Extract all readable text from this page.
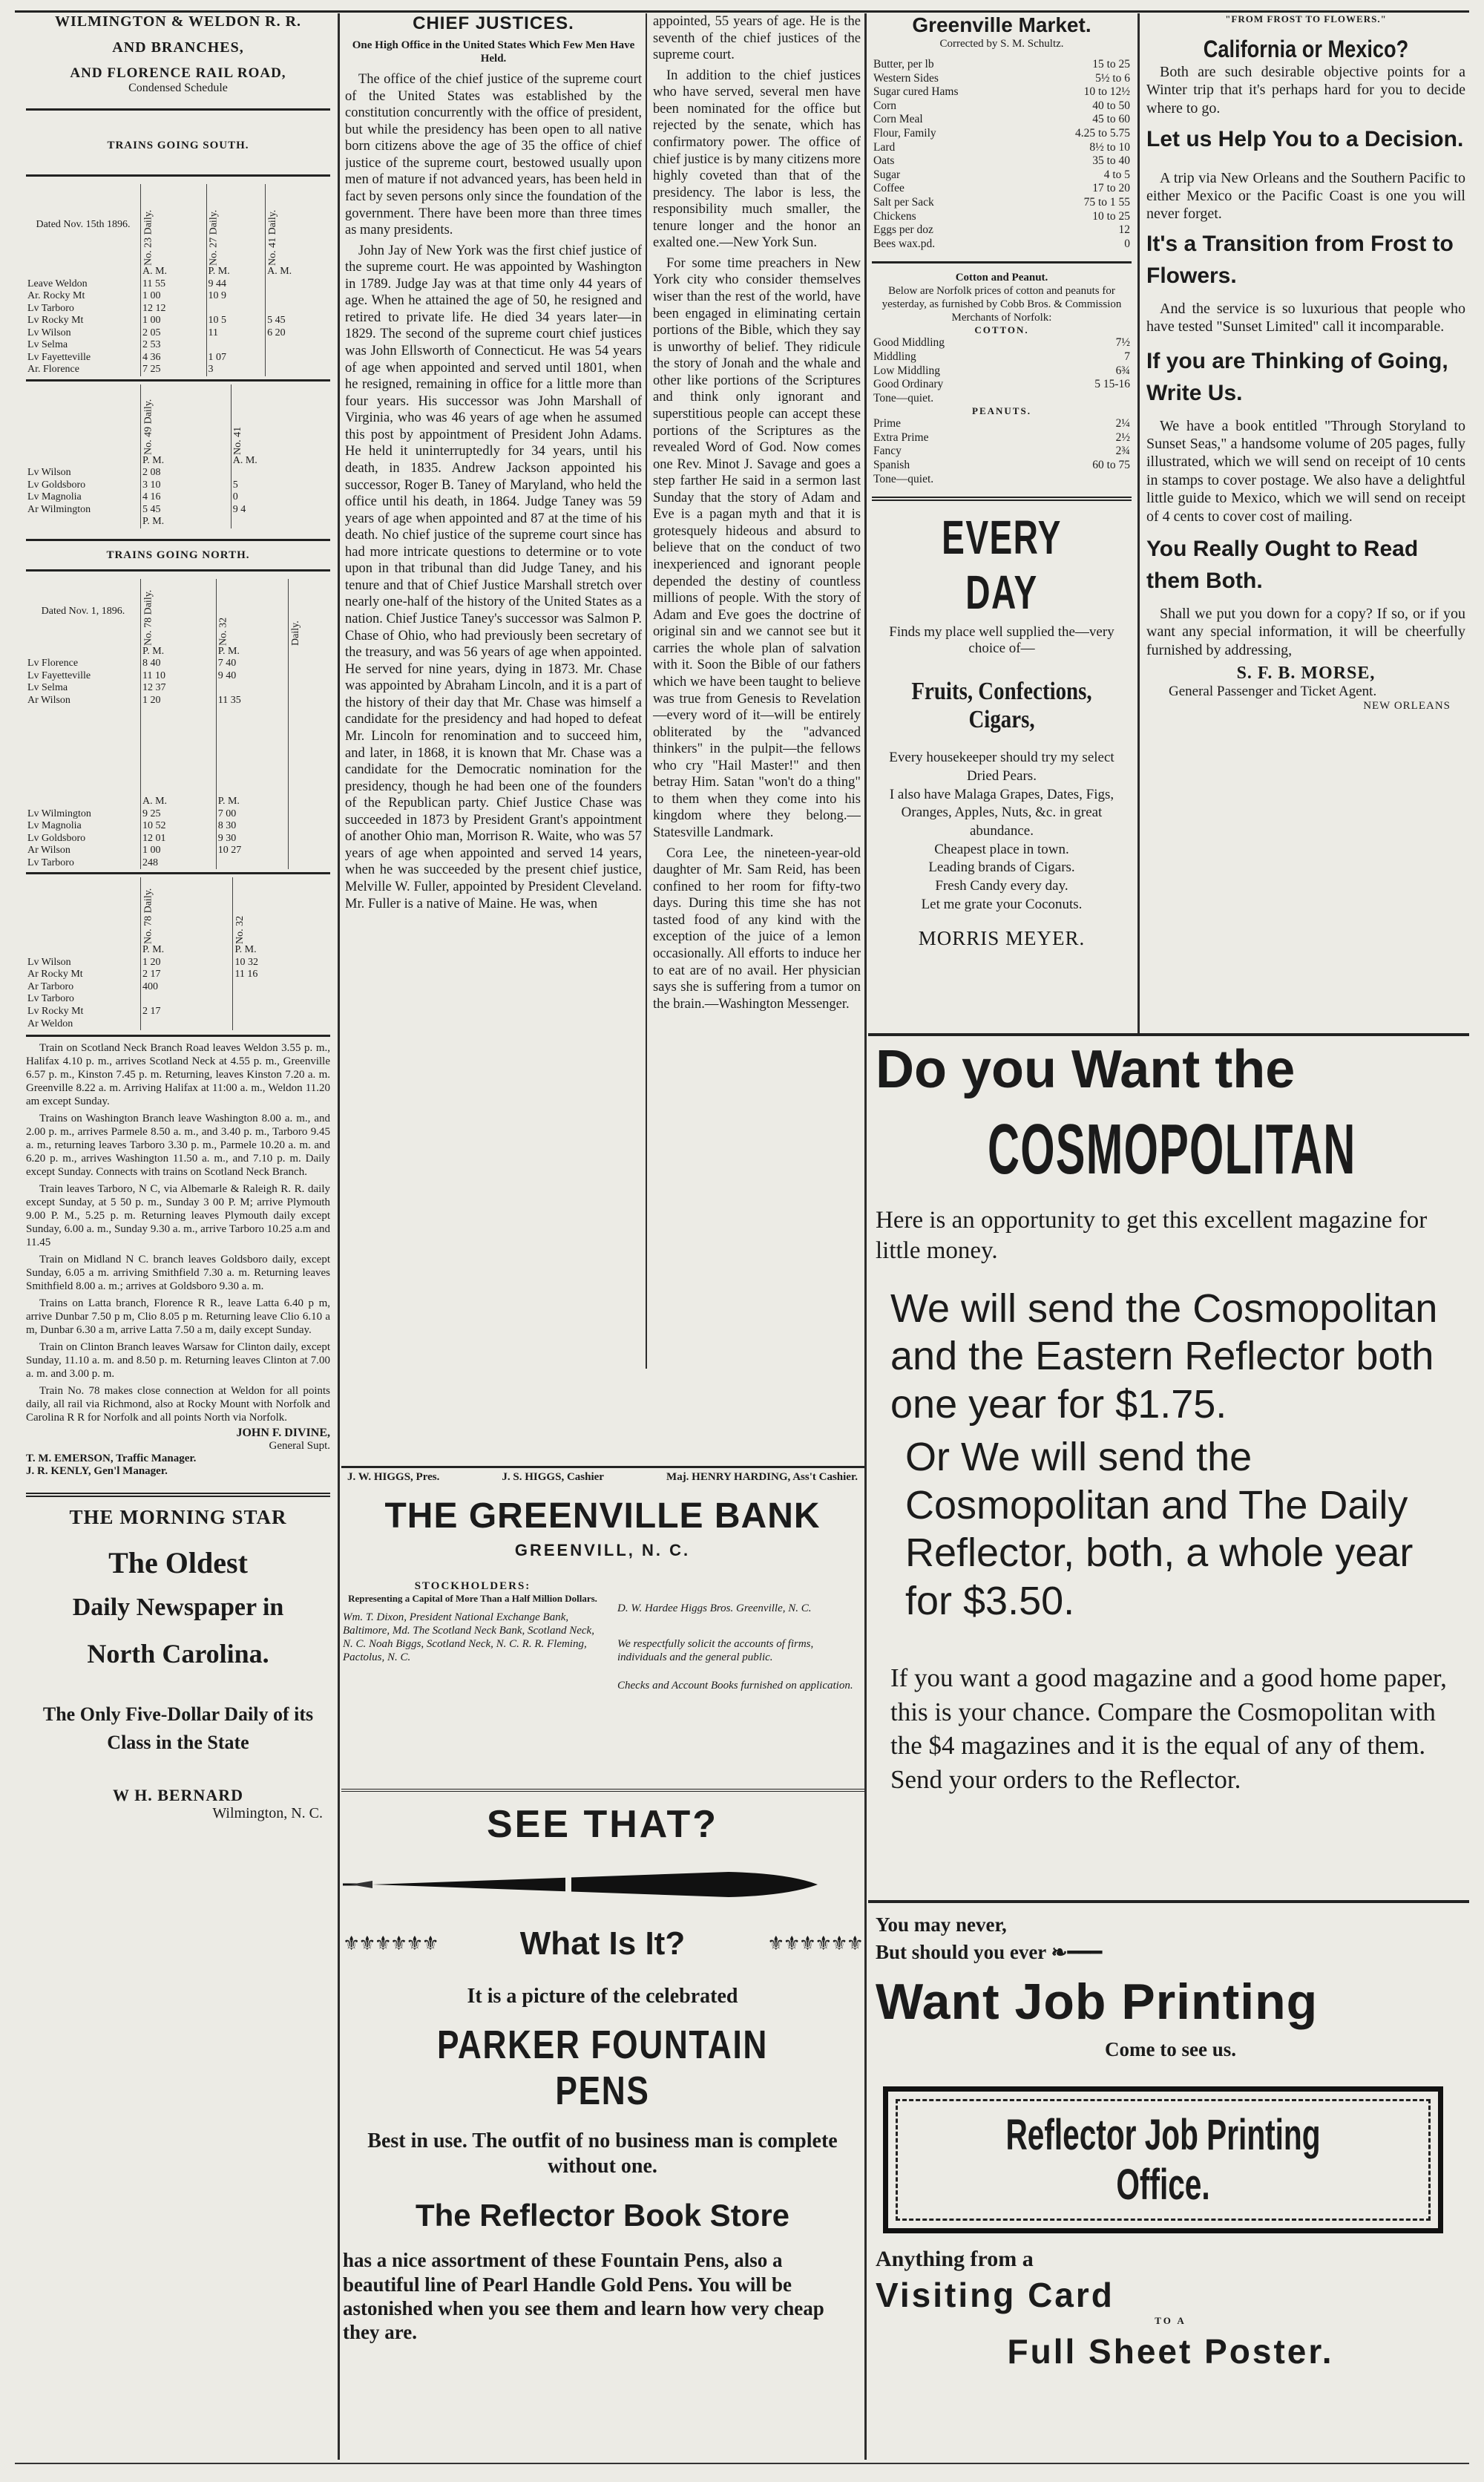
WILMINGTON & WELDON R. R.
AND BRANCHES,
AND FLORENCE RAIL ROAD,
Condensed Schedule
TRAINS GOING SOUTH.
Dated Nov. 15th 1896.	No. 23 Daily.	No. 27 Daily.	No. 41 Daily.
	A. M.	P. M.	A. M.
Leave Weldon	11 55	9 44	
Ar. Rocky Mt	1 00	10 9	
Lv Tarboro	12 12		
Lv Rocky Mt	1 00	10 5	5 45
Lv Wilson	2 05	11	6 20
Lv Selma	2 53		
Lv Fayetteville	4 36	1 07	
Ar. Florence	7 25	3	
	No. 49 Daily.	No. 41
	P. M.	A. M.
Lv Wilson	2 08	
Lv Goldsboro	3 10	5
Lv Magnolia	4 16	0
Ar Wilmington	5 45	9 4
	P. M.	
TRAINS GOING NORTH.
Dated Nov. 1, 1896.	No. 78 Daily.	No. 32	Daily.
	P. M.	P. M.	
Lv Florence	8 40	7 40	
Lv Fayetteville	11 10	9 40	
Lv Selma	12 37		
Ar Wilson	1 20	11 35	

	A. M.	P. M.	
Lv Wilmington	9 25	7 00	
Lv Magnolia	10 52	8 30	
Lv Goldsboro	12 01	9 30	
Ar Wilson	1 00	10 27	
Lv Tarboro	248		
	No. 78 Daily.	No. 32
	P. M.	P. M.
Lv Wilson	1 20	10 32
Ar Rocky Mt	2 17	11 16
Ar Tarboro	400	
Lv Tarboro		
Lv Rocky Mt	2 17	
Ar Weldon		

Train on Scotland Neck Branch Road leaves Weldon 3.55 p. m., Halifax 4.10 p. m., arrives Scotland Neck at 4.55 p. m., Greenville 6.57 p. m., Kinston 7.45 p. m. Returning, leaves Kinston 7.20 a. m. Greenville 8.22 a. m. Arriving Halifax at 11:00 a. m., Weldon 11.20 am except Sunday.

Trains on Washington Branch leave Washington 8.00 a. m., and 2.00 p. m., arrives Parmele 8.50 a. m., and 3.40 p. m., Tarboro 9.45 a. m., returning leaves Tarboro 3.30 p. m., Parmele 10.20 a. m. and 6.20 p. m., arrives Washington 11.50 a. m., and 7.10 p. m. Daily except Sunday. Connects with trains on Scotland Neck Branch.

Train leaves Tarboro, N C, via Albemarle & Raleigh R. R. daily except Sunday, at 5 50 p. m., Sunday 3 00 P. M; arrive Plymouth 9.00 P. M., 5.25 p. m. Returning leaves Plymouth daily except Sunday, 6.00 a. m., Sunday 9.30 a. m., arrive Tarboro 10.25 a.m and 11.45

Train on Midland N C. branch leaves Goldsboro daily, except Sunday, 6.05 a m. arriving Smithfield 7.30 a. m. Returning leaves Smithfield 8.00 a. m.; arrives at Goldsboro 9.30 a. m.

Trains on Latta branch, Florence R R., leave Latta 6.40 p m, arrive Dunbar 7.50 p m, Clio 8.05 p m. Returning leave Clio 6.10 a m, Dunbar 6.30 a m, arrive Latta 7.50 a m, daily except Sunday.

Train on Clinton Branch leaves Warsaw for Clinton daily, except Sunday, 11.10 a. m. and 8.50 p. m. Returning leaves Clinton at 7.00 a. m. and 3.00 p. m.

Train No. 78 makes close connection at Weldon for all points daily, all rail via Richmond, also at Rocky Mount with Norfolk and Carolina R R for Norfolk and all points North via Norfolk.

JOHN F. DIVINE,
General Supt.
T. M. EMERSON, Traffic Manager.
J. R. KENLY, Gen'l Manager.
THE MORNING STAR
The Oldest
Daily Newspaper in
North Carolina.
The Only Five-Dollar Daily of its Class in the State
W H. BERNARD
Wilmington, N. C.
CHIEF JUSTICES.
One High Office in the United States Which Few Men Have Held.

The office of the chief justice of the supreme court of the United States was established by the constitution concurrently with the office of president, but while the presidency has been open to all native born citizens above the age of 35 the office of chief justice of the supreme court, bestowed usually upon men of mature if not advanced years, has been held in fact by seven persons only since the foundation of the government. There have been more than three times as many presidents.

John Jay of New York was the first chief justice of the supreme court. He was appointed by Washington in 1789. Judge Jay was at that time only 44 years of age. When he attained the age of 50, he resigned and retired to private life. He died 34 years later—in 1829. The second of the supreme court chief justices was John Ellsworth of Connecticut. He was 54 years of age when appointed and served until 1801, when he resigned, remaining in office for a little more than four years. His successor was John Marshall of Virginia, who was 46 years of age when he assumed this post by appointment of President John Adams. He held it uninterruptedly for 34 years, until his death, in 1835. Andrew Jackson appointed his successor, Roger B. Taney of Maryland, who held the office until his death, in 1864. Judge Taney was 59 years of age when appointed and 87 at the time of his death. No chief justice of the supreme court since has had more intricate questions to determine or to vote upon in that tribunal than did Judge Taney, and his tenure and that of Chief Justice Marshall stretch over nearly one-half of the history of the United States as a nation. Chief Justice Taney's successor was Salmon P. Chase of Ohio, who had previously been secretary of the treasury, and was 56 years of age when appointed. He served for nine years, dying in 1873. Mr. Chase was appointed by Abraham Lincoln, and it is a part of the history of their day that Mr. Chase was himself a candidate for the presidency and had hoped to defeat Mr. Lincoln for renomination and to succeed him, and later, in 1868, it is known that Mr. Chase was a candidate for the Democratic nomination for the presidency, though he had been one of the founders of the Republican party. Chief Justice Chase was succeeded in 1873 by President Grant's appointment of another Ohio man, Morrison R. Waite, who was 57 years of age when appointed and served 14 years, when he was succeeded by the present chief justice, Melville W. Fuller, appointed by President Cleveland. Mr. Fuller is a native of Maine. He was, when

appointed, 55 years of age. He is the seventh of the chief justices of the supreme court.

In addition to the chief justices who have served, several men have been nominated for the office but rejected by the senate, which has confirmatory power. The office of chief justice is by many citizens more highly coveted than that of the presidency. The labor is less, the responsibility much smaller, the tenure longer and the honor an exalted one.—New York Sun.

For some time preachers in New York city who consider themselves wiser than the rest of the world, have been engaged in eliminating certain portions of the Bible, which they say is unworthy of belief. They ridicule the story of Jonah and the whale and other like portions of the Scriptures and think only ignorant and superstitious people can accept these portions of the Scriptures as the revealed Word of God. Now comes one Rev. Minot J. Savage and goes a step farther He said in a sermon last Sunday that the story of Adam and Eve is a pagan myth and that it is grotesquely hideous and absurd to believe that on the conduct of two inexperienced and ignorant people depended the destiny of countless millions of people. With the story of Adam and Eve goes the doctrine of original sin and we cannot see but it carries the whole plan of salvation with it. Soon the Bible of our fathers which we have been taught to believe was true from Genesis to Revelation—every word of it—will be entirely obliterated by the "advanced thinkers" in the pulpit—the fellows who cry "Hail Master!" and then betray Him. Satan "won't do a thing" to them when they come into his kingdom where they belong.—Statesville Landmark.

Cora Lee, the nineteen-year-old daughter of Mr. Sam Reid, has been confined to her room for fifty-two days. During this time she has not tasted food of any kind with the exception of the juice of a lemon occasionally. All efforts to induce her to eat are of no avail. Her physician says she is suffering from a tumor on the brain.—Washington Messenger.

J. W. HIGGS, Pres.	J. S. HIGGS, Cashier	Maj. HENRY HARDING, Ass't Cashier.
THE GREENVILLE BANK
GREENVILL, N. C.
STOCKHOLDERS:
Representing a Capital of More Than a Half Million Dollars.
Wm. T. Dixon, President National Exchange Bank, Baltimore, Md. The Scotland Neck Bank, Scotland Neck, N. C. Noah Biggs, Scotland Neck, N. C. R. R. Fleming, Pactolus, N. C.
D. W. Hardee Higgs Bros. Greenville, N. C.
We respectfully solicit the accounts of firms, individuals and the general public.
Checks and Account Books furnished on application.
SEE THAT?
⚜⚜⚜⚜⚜⚜	What Is It?	⚜⚜⚜⚜⚜⚜
It is a picture of the celebrated
PARKER FOUNTAIN PENS
Best in use. The outfit of no business man is complete without one.
The Reflector Book Store
has a nice assortment of these Fountain Pens, also a beautiful line of Pearl Handle Gold Pens. You will be astonished when you see them and learn how very cheap they are.
Greenville Market.
Corrected by S. M. Schultz.
Butter, per lb	15 to 25
Western Sides	5½ to 6
Sugar cured Hams	10 to 12½
Corn	40 to 50
Corn Meal	45 to 60
Flour, Family	4.25 to 5.75
Lard	8½ to 10
Oats	35 to 40
Sugar	4 to 5
Coffee	17 to 20
Salt per Sack	75 to 1 55
Chickens	10 to 25
Eggs per doz	12
Bees wax.pd.	0
Cotton and Peanut.
Below are Norfolk prices of cotton and peanuts for yesterday, as furnished by Cobb Bros. & Commission Merchants of Norfolk:
COTTON.
Good Middling	7½
Middling	7
Low Middling	6¾
Good Ordinary	5 15-16
Tone—quiet.	
PEANUTS.
Prime	2¼
Extra Prime	2½
Fancy	2¾
Spanish	60 to 75
Tone—quiet.	
EVERY DAY
Finds my place well supplied the—very choice of—
Fruits, Confections, Cigars,
Every housekeeper should try my select Dried Pears.
I also have Malaga Grapes, Dates, Figs, Oranges, Apples, Nuts, &c. in great abundance.
Cheapest place in town.
Leading brands of Cigars.
Fresh Candy every day.
Let me grate your Coconuts.
MORRIS MEYER.
"FROM FROST TO FLOWERS."
California or Mexico?

Both are such desirable objective points for a Winter trip that it's perhaps hard for you to decide where to go.

Let us Help You to a Decision.

A trip via New Orleans and the Southern Pacific to either Mexico or the Pacific Coast is one you will never forget.

It's a Transition from Frost to Flowers.

And the service is so luxurious that people who have tested "Sunset Limited" call it incomparable.

If you are Thinking of Going, Write Us.

We have a book entitled "Through Storyland to Sunset Seas," a handsome volume of 205 pages, fully illustrated, which we will send on receipt of 10 cents in stamps to cover postage. We also have a delightful little guide to Mexico, which we will send on receipt of 4 cents to cover cost of mailing.

You Really Ought to Read them Both.

Shall we put you down for a copy? If so, or if you want any special information, it will be cheerfully furnished by addressing,

S. F. B. MORSE,
General Passenger and Ticket Agent.
NEW ORLEANS
Do you Want the
COSMOPOLITAN
Here is an opportunity to get this excellent magazine for little money.
We will send the Cosmopolitan and the Eastern Reflector both one year for $1.75.
Or We will send the Cosmopolitan and The Daily Reflector, both, a whole year for $3.50.
If you want a good magazine and a good home paper, this is your chance. Compare the Cosmopolitan with the $4 magazines and it is the equal of any of them. Send your orders to the Reflector.
You may never,
But should you ever ❧━━━
Want Job Printing
Come to see us.
Reflector Job Printing Office.
Anything from a
Visiting Card
TO A
Full Sheet Poster.
